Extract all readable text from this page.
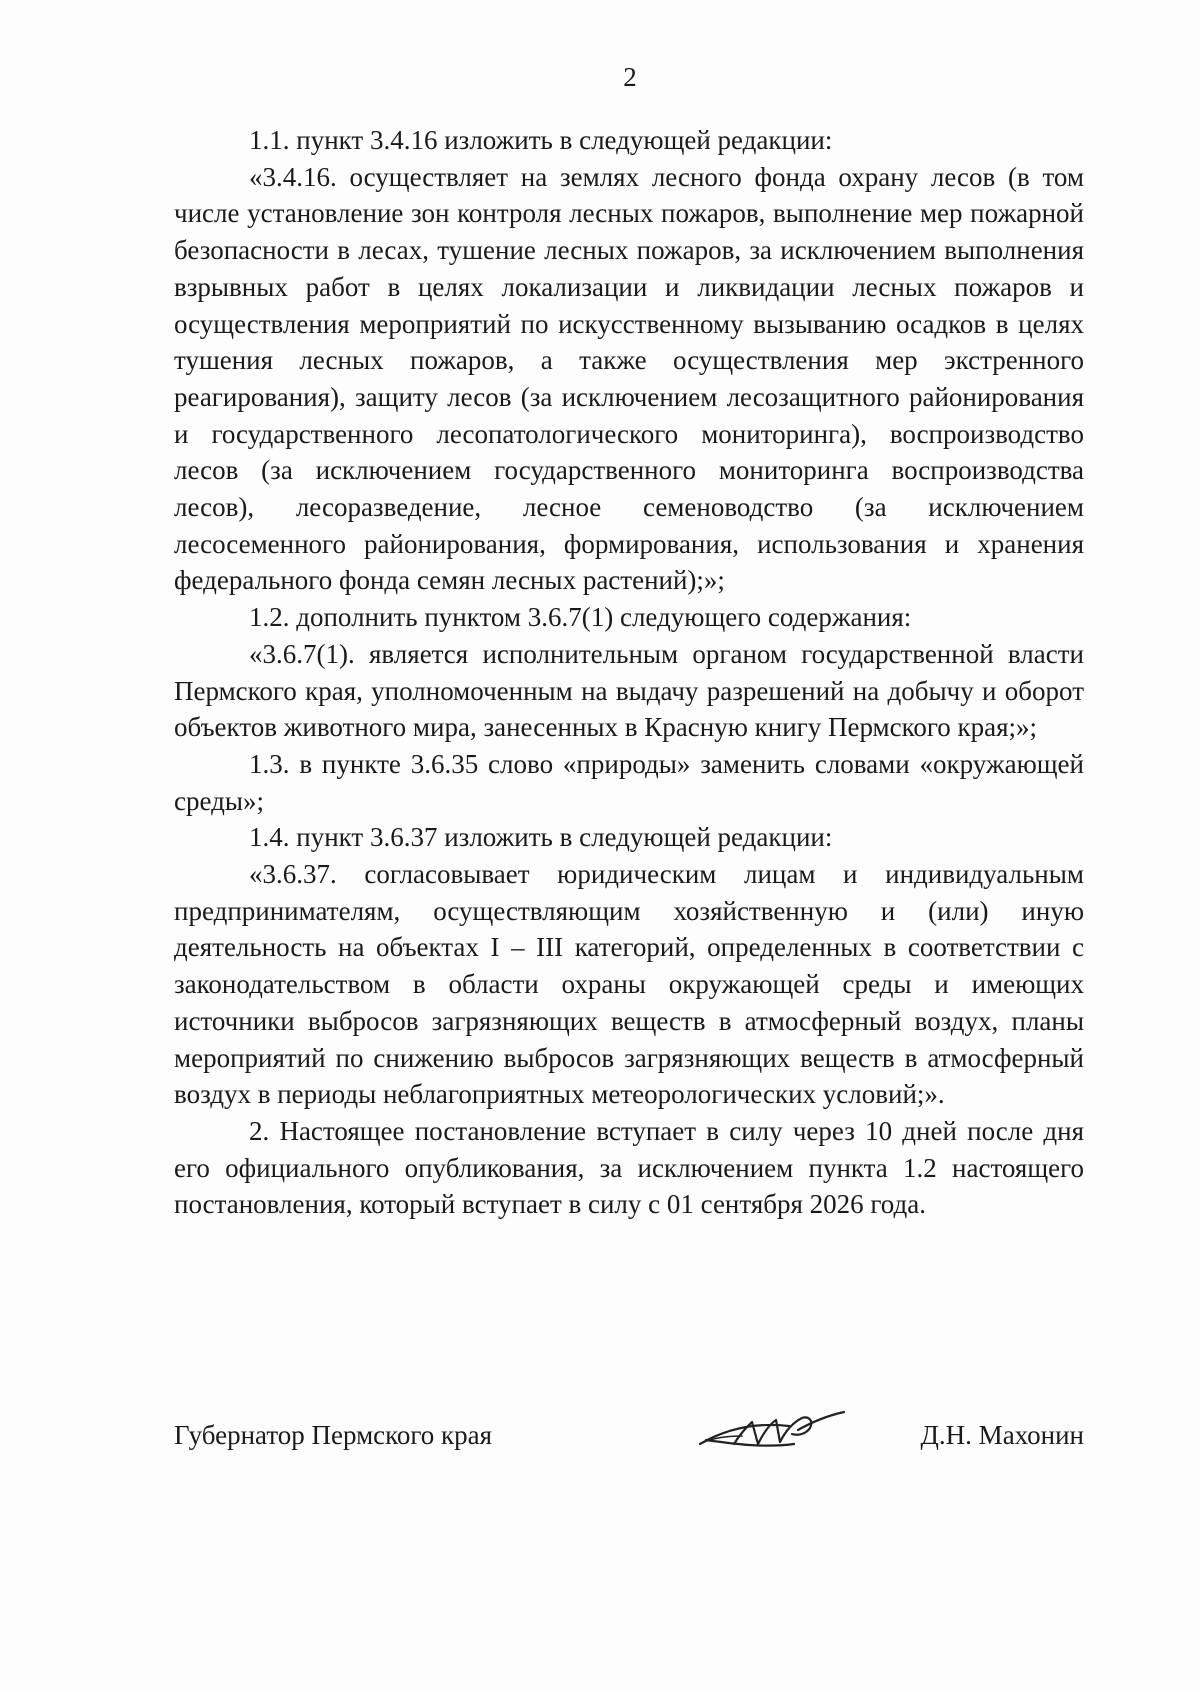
2

1.1. пункт 3.4.16 изложить в следующей редакции:

«3.4.16. осуществляет на землях лесного фонда охрану лесов (в том числе установление зон контроля лесных пожаров, выполнение мер пожарной безопасности в лесах, тушение лесных пожаров, за исключением выполнения взрывных работ в целях локализации и ликвидации лесных пожаров и осуществления мероприятий по искусственному вызыванию осадков в целях тушения лесных пожаров, а также осуществления мер экстренного реагирования), защиту лесов (за исключением лесозащитного районирования и государственного лесопатологического мониторинга), воспроизводство лесов (за исключением государственного мониторинга воспроизводства лесов), лесоразведение, лесное семеноводство (за исключением лесосеменного районирования, формирования, использования и хранения федерального фонда семян лесных растений);»;

1.2. дополнить пунктом 3.6.7(1) следующего содержания:

«3.6.7(1). является исполнительным органом государственной власти Пермского края, уполномоченным на выдачу разрешений на добычу и оборот объектов животного мира, занесенных в Красную книгу Пермского края;»;

1.3. в пункте 3.6.35 слово «природы» заменить словами «окружающей среды»;

1.4. пункт 3.6.37 изложить в следующей редакции:

«3.6.37. согласовывает юридическим лицам и индивидуальным предпринимателям, осуществляющим хозяйственную и (или) иную деятельность на объектах I – III категорий, определенных в соответствии с законодательством в области охраны окружающей среды и имеющих источники выбросов загрязняющих веществ в атмосферный воздух, планы мероприятий по снижению выбросов загрязняющих веществ в атмосферный воздух в периоды неблагоприятных метеорологических условий;».

2. Настоящее постановление вступает в силу через 10 дней после дня его официального опубликования, за исключением пункта 1.2 настоящего постановления, который вступает в силу с 01 сентября 2026 года.

Губернатор Пермского края	Д.Н. Махонин
